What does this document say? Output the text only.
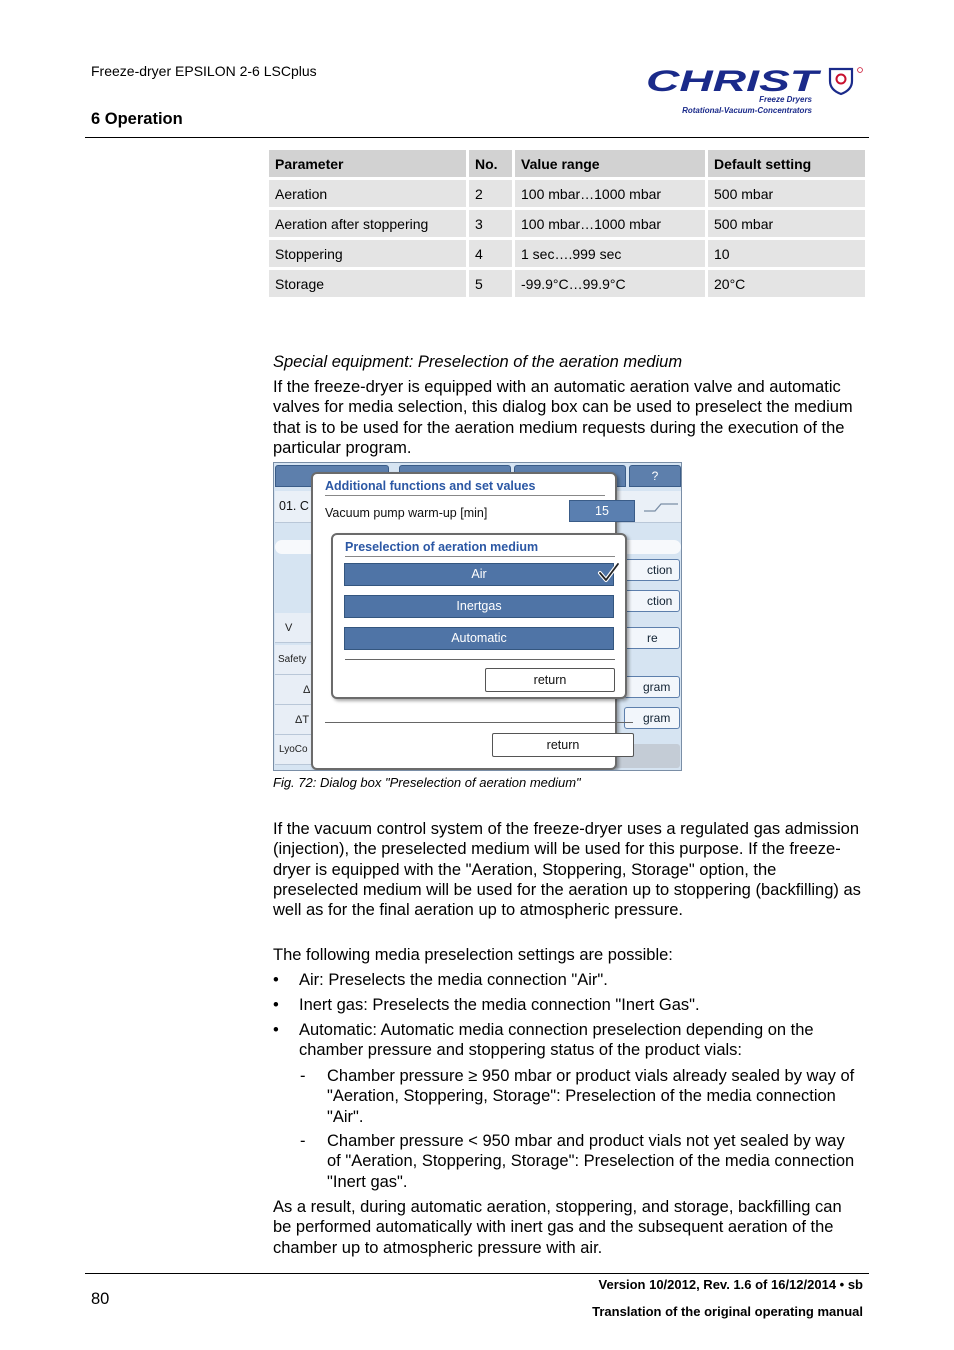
Freeze-dryer EPSILON 2-6 LSCplus
6 Operation
CHRIST
Freeze Dryers
Rotational-Vacuum-Concentrators
Parameter	No.	Value range	Default setting
Aeration	2	100 mbar…1000 mbar	500 mbar
Aeration after stoppering	3	100 mbar…1000 mbar	500 mbar
Stoppering	4	1 sec….999 sec	10
Storage	5	-99.9°C…99.9°C	20°C
Special equipment: Preselection of the aeration medium
If the freeze-dryer is equipped with an automatic aeration valve and automatic valves for media selection, this dialog box can be used to preselect the medium that is to be used for the aeration medium requests during the execution of the particular program.
?
01. C
V
Safety
Δ
ΔT
LyoCo
ction
ction
re
gram
gram
Additional functions and set values
Vacuum pump warm-up [min]	15
return
Preselection of aeration medium
Air
Inertgas
Automatic
return
Fig. 72: Dialog box "Preselection of aeration medium"
If the vacuum control system of the freeze-dryer uses a regulated gas admission (injection), the preselected medium will be used for this purpose. If the freeze-dryer is equipped with the "Aeration, Stoppering, Storage" option, the preselected medium will be used for the aeration up to stoppering (backfilling) as well as for the final aeration up to atmospheric pressure.
The following media preselection settings are possible:
• Air: Preselects the media connection "Air".
• Inert gas: Preselects the media connection "Inert Gas".
• Automatic: Automatic media connection preselection depending on the chamber pressure and stoppering status of the product vials:
- Chamber pressure ≥ 950 mbar or product vials already sealed by way of "Aeration, Stoppering, Storage": Preselection of the media connection "Air".
- Chamber pressure < 950 mbar and product vials not yet sealed by way of "Aeration, Stoppering, Storage": Preselection of the media connection "Inert gas".
As a result, during automatic aeration, stoppering, and storage, backfilling can be performed automatically with inert gas and the subsequent aeration of the chamber up to atmospheric pressure with air.
80
Version 10/2012, Rev. 1.6 of 16/12/2014 • sb
Translation of the original operating manual
